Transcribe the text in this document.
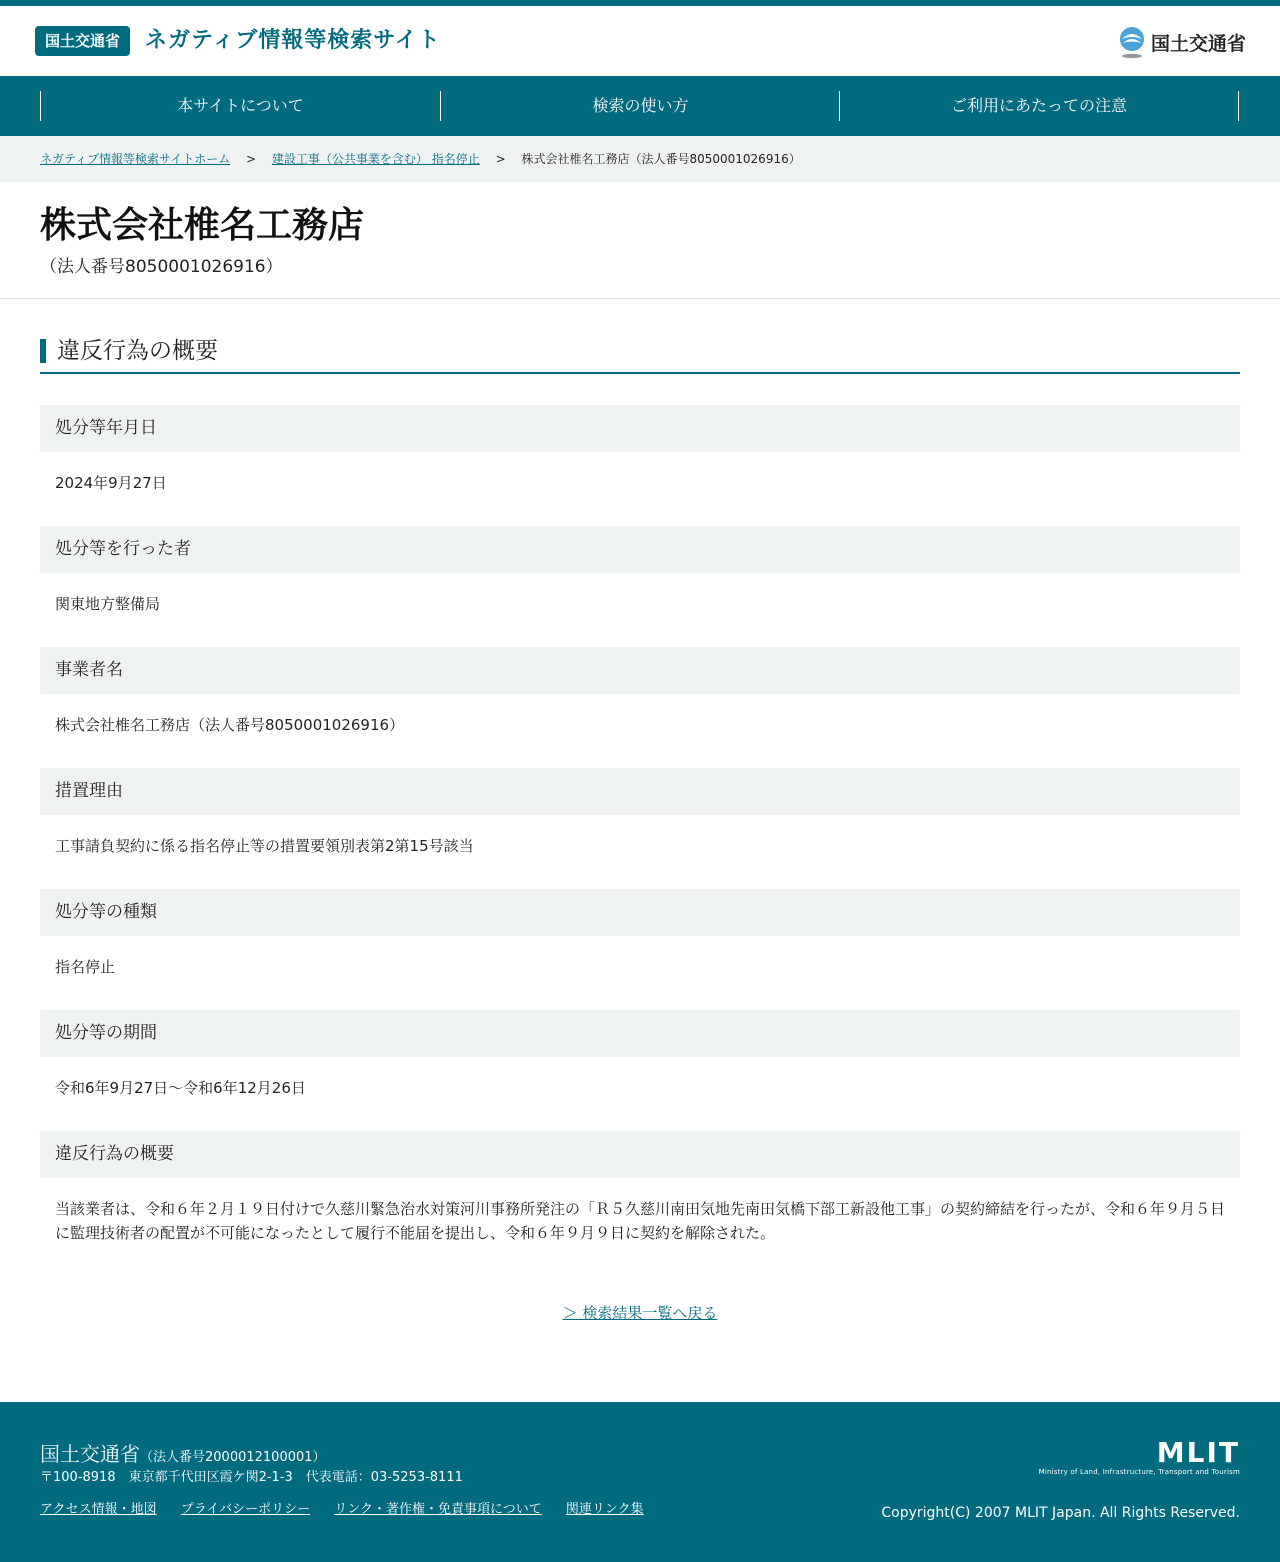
国土交通省	ネガティブ情報等検索サイト	国土交通省
本サイトについて	検索の使い方	ご利用にあたっての注意
ネガティブ情報等検索サイトホーム > 建設工事（公共事業を含む） 指名停止 > 株式会社椎名工務店（法人番号8050001026916）
株式会社椎名工務店
（法人番号8050001026916）
違反行為の概要
処分等年月日
2024年9月27日
処分等を行った者
関東地方整備局
事業者名
株式会社椎名工務店（法人番号8050001026916）
措置理由
工事請負契約に係る指名停止等の措置要領別表第2第15号該当
処分等の種類
指名停止
処分等の期間
令和6年9月27日～令和6年12月26日
違反行為の概要
当該業者は、令和６年２月１９日付けで久慈川緊急治水対策河川事務所発注の「Ｒ５久慈川南田気地先南田気橋下部工新設他工事」の契約締結を行ったが、令和６年９月５日に監理技術者の配置が不可能になったとして履行不能届を提出し、令和６年９月９日に契約を解除された。
＞ 検索結果一覧へ戻る
国土交通省（法人番号2000012100001）
〒100-8918　東京都千代田区霞ケ関2-1-3　代表電話：03-5253-8111
アクセス情報・地図 プライバシーポリシー リンク・著作権・免責事項について 関連リンク集
MLIT
Ministry of Land, Infrastructure, Transport and Tourism
Copyright(C) 2007 MLIT Japan. All Rights Reserved.
